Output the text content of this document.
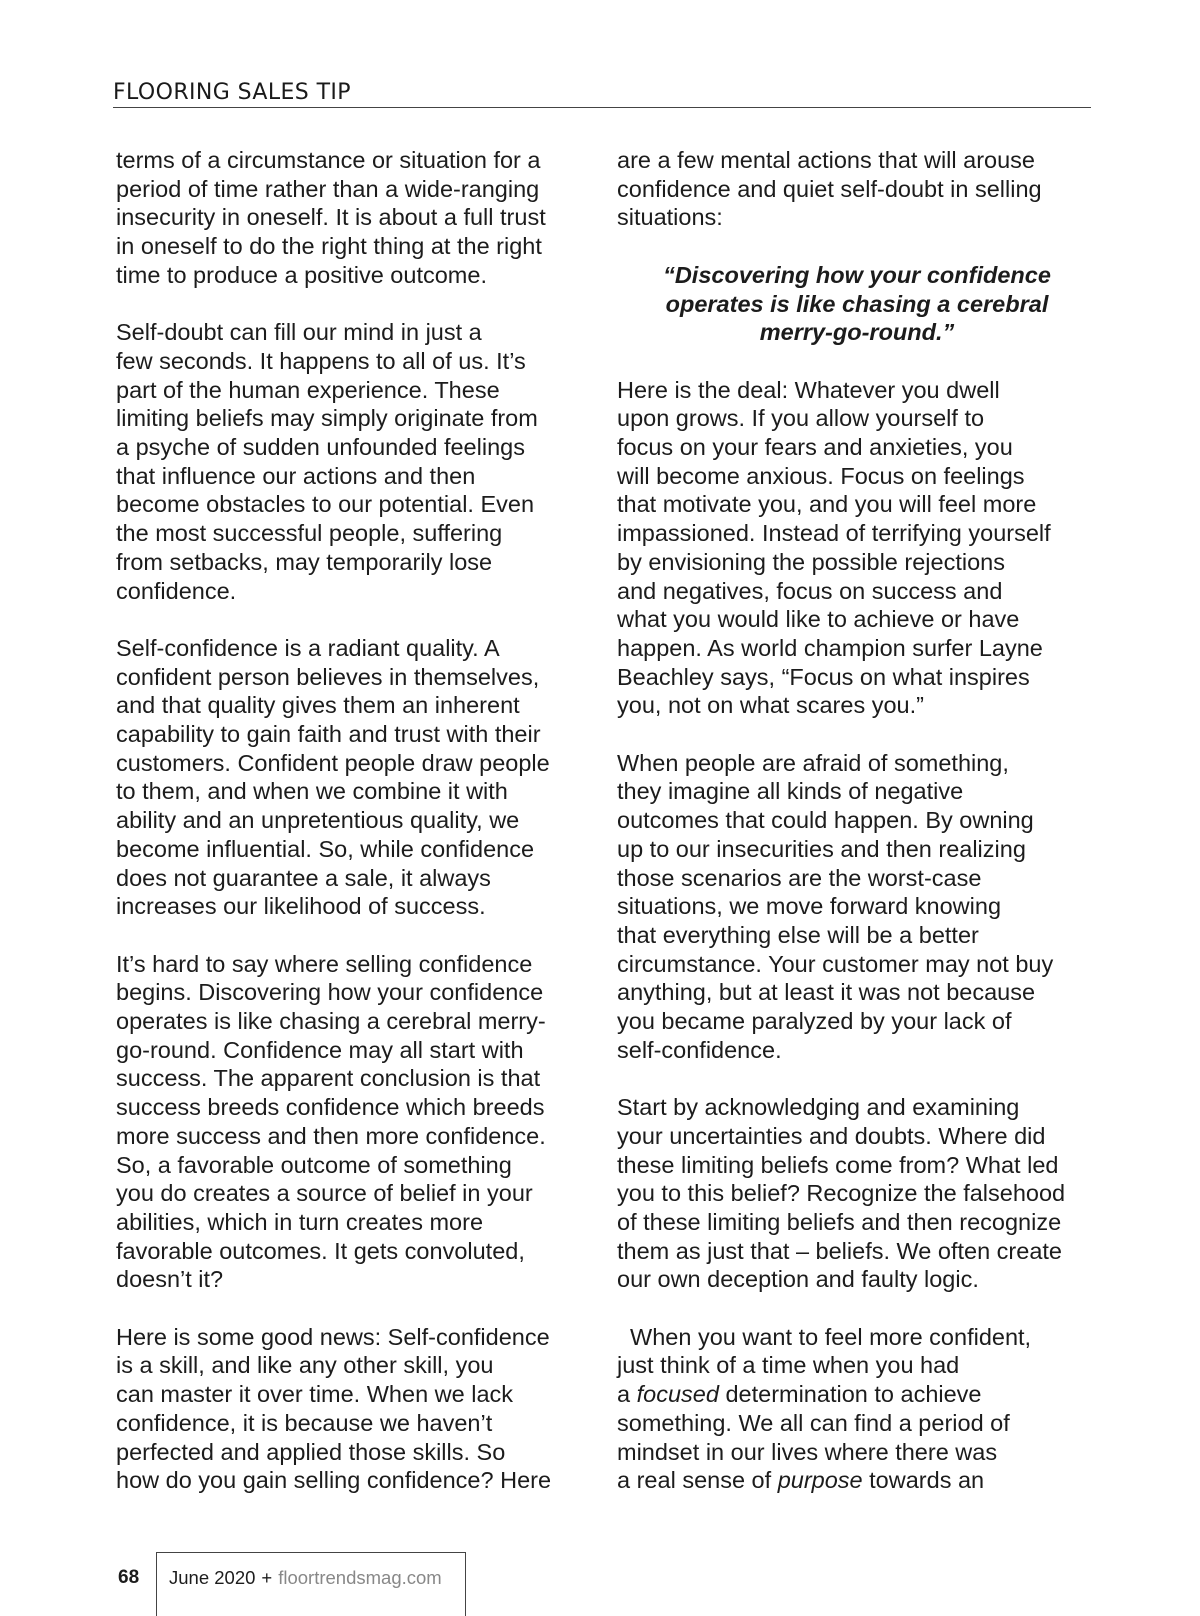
FLOORING SALES TIP

terms of a circumstance or situation for a
period of time rather than a wide-ranging
insecurity in oneself. It is about a full trust
in oneself to do the right thing at the right
time to produce a positive outcome.

Self-doubt can fill our mind in just a
few seconds. It happens to all of us. It’s
part of the human experience. These
limiting beliefs may simply originate from
a psyche of sudden unfounded feelings
that influence our actions and then
become obstacles to our potential. Even
the most successful people, suffering
from setbacks, may temporarily lose
confidence.

Self-confidence is a radiant quality. A
confident person believes in themselves,
and that quality gives them an inherent
capability to gain faith and trust with their
customers. Confident people draw people
to them, and when we combine it with
ability and an unpretentious quality, we
become influential. So, while confidence
does not guarantee a sale, it always
increases our likelihood of success.

It’s hard to say where selling confidence
begins. Discovering how your confidence
operates is like chasing a cerebral merry-
go-round. Confidence may all start with
success. The apparent conclusion is that
success breeds confidence which breeds
more success and then more confidence.
So, a favorable outcome of something
you do creates a source of belief in your
abilities, which in turn creates more
favorable outcomes. It gets convoluted,
doesn’t it?

Here is some good news: Self-confidence
is a skill, and like any other skill, you
can master it over time. When we lack
confidence, it is because we haven’t
perfected and applied those skills. So
how do you gain selling confidence? Here

are a few mental actions that will arouse
confidence and quiet self-doubt in selling
situations:

“Discovering how your confidence
operates is like chasing a cerebral
merry-go-round.”

Here is the deal: Whatever you dwell
upon grows. If you allow yourself to
focus on your fears and anxieties, you
will become anxious. Focus on feelings
that motivate you, and you will feel more
impassioned. Instead of terrifying yourself
by envisioning the possible rejections
and negatives, focus on success and
what you would like to achieve or have
happen. As world champion surfer Layne
Beachley says, “Focus on what inspires
you, not on what scares you.”

When people are afraid of something,
they imagine all kinds of negative
outcomes that could happen. By owning
up to our insecurities and then realizing
those scenarios are the worst-case
situations, we move forward knowing
that everything else will be a better
circumstance. Your customer may not buy
anything, but at least it was not because
you became paralyzed by your lack of
self-confidence.

Start by acknowledging and examining
your uncertainties and doubts. Where did
these limiting beliefs come from? What led
you to this belief? Recognize the falsehood
of these limiting beliefs and then recognize
them as just that – beliefs. We often create
our own deception and faulty logic.

When you want to feel more confident,
just think of a time when you had
a focused determination to achieve
something. We all can find a period of
mindset in our lives where there was
a real sense of purpose towards an

68	June 2020 + floortrendsmag.com
